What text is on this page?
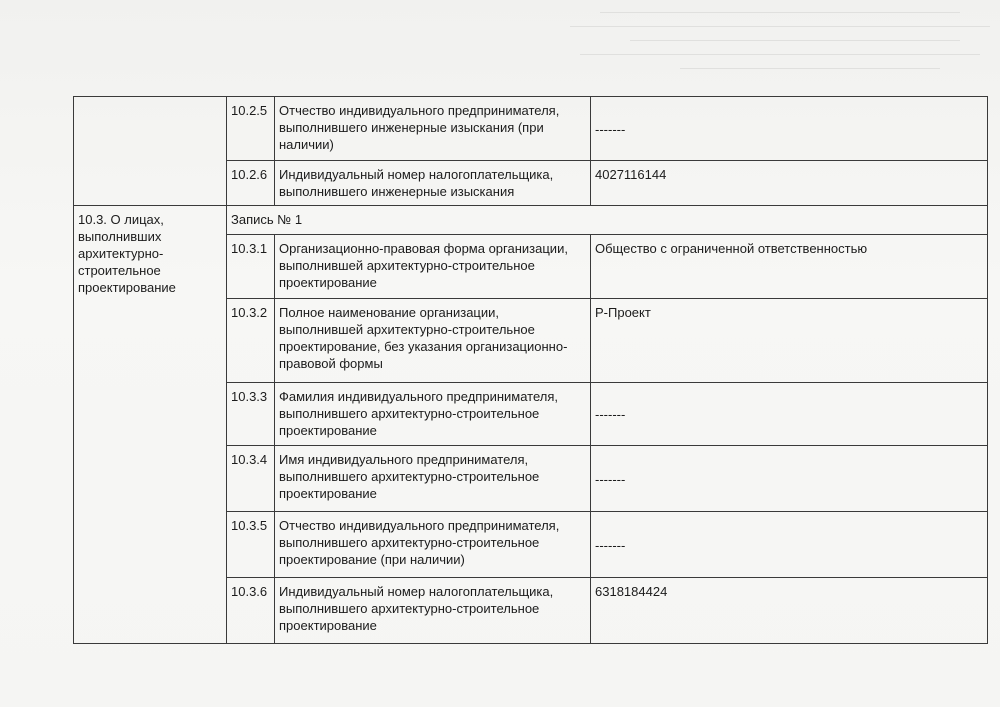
	10.2.5	Отчество индивидуального предпринимателя, выполнившего инженерные изыскания (при наличии)	-------
	10.2.6	Индивидуальный номер налогоплательщика, выполнившего инженерные изыскания	4027116144
10.3. О лицах, выполнивших архитектурно-строительное проектирование	Запись № 1		
	10.3.1	Организационно-правовая форма организации, выполнившей архитектурно-строительное проектирование	Общество с ограниченной ответственностью
	10.3.2	Полное наименование организации, выполнившей архитектурно-строительное проектирование, без указания организационно-правовой формы	Р-Проект
	10.3.3	Фамилия индивидуального предпринимателя, выполнившего архитектурно-строительное проектирование	-------
	10.3.4	Имя индивидуального предпринимателя, выполнившего архитектурно-строительное проектирование	-------
	10.3.5	Отчество индивидуального предпринимателя, выполнившего архитектурно-строительное проектирование (при наличии)	-------
	10.3.6	Индивидуальный номер налогоплательщика, выполнившего архитектурно-строительное проектирование	6318184424
